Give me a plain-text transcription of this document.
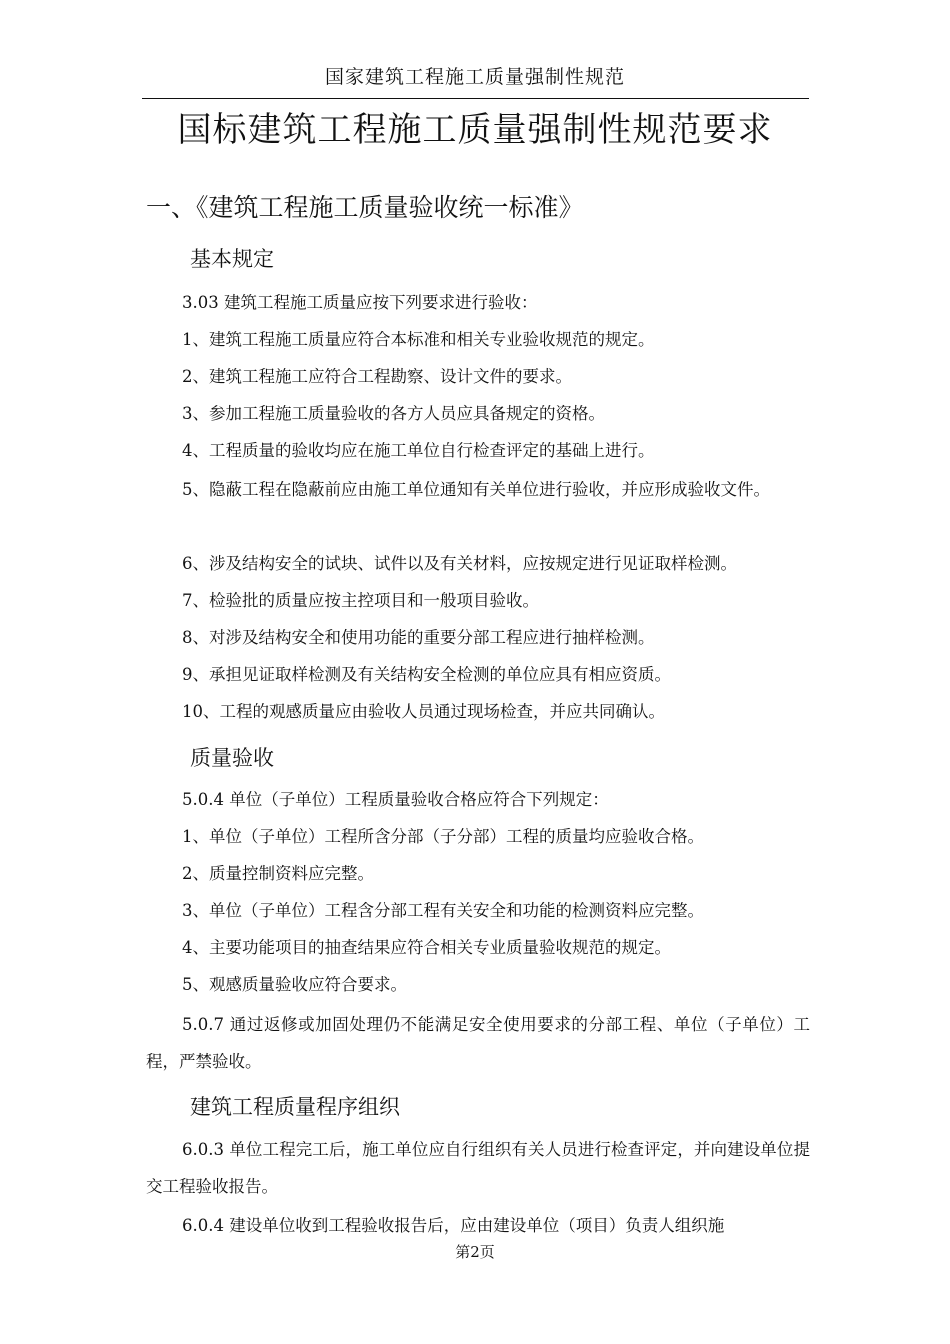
国家建筑工程施工质量强制性规范
国标建筑工程施工质量强制性规范要求
一、《建筑工程施工质量验收统一标准》
基本规定
3.03 建筑工程施工质量应按下列要求进行验收：
1、建筑工程施工质量应符合本标准和相关专业验收规范的规定。
2、建筑工程施工应符合工程勘察、设计文件的要求。
3、参加工程施工质量验收的各方人员应具备规定的资格。
4、工程质量的验收均应在施工单位自行检查评定的基础上进行。
5、隐蔽工程在隐蔽前应由施工单位通知有关单位进行验收，并应形成验收文件。
6、涉及结构安全的试块、试件以及有关材料，应按规定进行见证取样检测。
7、检验批的质量应按主控项目和一般项目验收。
8、对涉及结构安全和使用功能的重要分部工程应进行抽样检测。
9、承担见证取样检测及有关结构安全检测的单位应具有相应资质。
10、工程的观感质量应由验收人员通过现场检查，并应共同确认。
质量验收
5.0.4 单位（子单位）工程质量验收合格应符合下列规定：
1、单位（子单位）工程所含分部（子分部）工程的质量均应验收合格。
2、质量控制资料应完整。
3、单位（子单位）工程含分部工程有关安全和功能的检测资料应完整。
4、主要功能项目的抽查结果应符合相关专业质量验收规范的规定。
5、观感质量验收应符合要求。
5.0.7 通过返修或加固处理仍不能满足安全使用要求的分部工程、单位（子单位）工程，严禁验收。
建筑工程质量程序组织
6.0.3 单位工程完工后，施工单位应自行组织有关人员进行检查评定，并向建设单位提交工程验收报告。
6.0.4 建设单位收到工程验收报告后，应由建设单位（项目）负责人组织施
第2页
